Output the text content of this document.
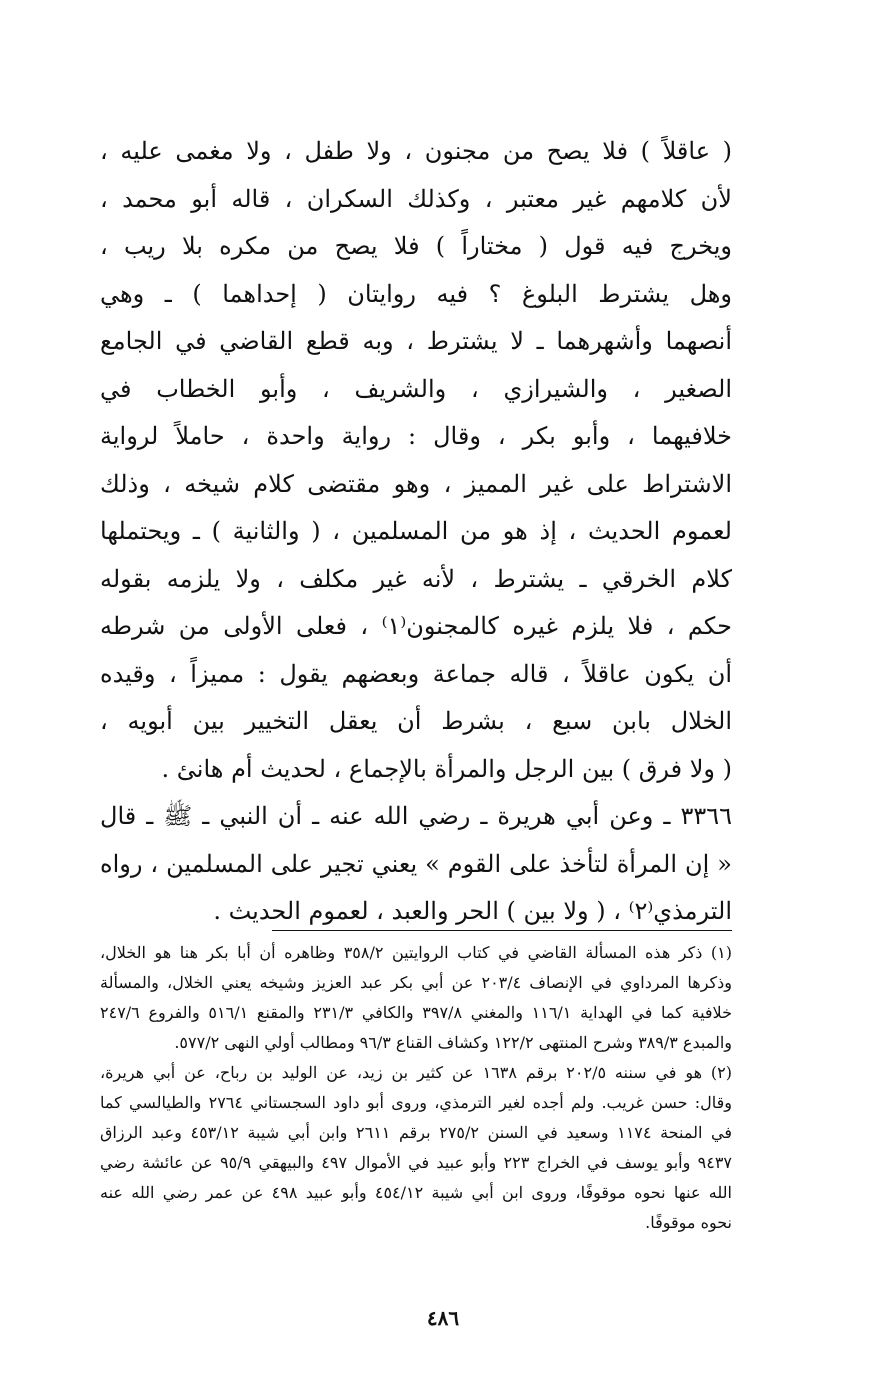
( عاقلاً ) فلا يصح من مجنون ، ولا طفل ، ولا مغمى عليه ،
لأن كلامهم غير معتبر ، وكذلك السكران ، قاله أبو محمد ،
ويخرج فيه قول ( مختاراً ) فلا يصح من مكره بلا ريب ،
وهل يشترط البلوغ ؟ فيه روايتان ( إحداهما ) ـ وهي
أنصهما وأشهرهما ـ لا يشترط ، وبه قطع القاضي في الجامع
الصغير ، والشيرازي ، والشريف ، وأبو الخطاب في
خلافيهما ، وأبو بكر ، وقال : رواية واحدة ، حاملاً لرواية
الاشتراط على غير المميز ، وهو مقتضى كلام شيخه ، وذلك
لعموم الحديث ، إذ هو من المسلمين ، ( والثانية ) ـ ويحتملها
كلام الخرقي ـ يشترط ، لأنه غير مكلف ، ولا يلزمه بقوله
حكم ، فلا يلزم غيره كالمجنون⁽١⁾ ، فعلى الأولى من شرطه
أن يكون عاقلاً ، قاله جماعة وبعضهم يقول : مميزاً ، وقيده
الخلال بابن سبع ، بشرط أن يعقل التخيير بين أبويه ،
( ولا فرق ) بين الرجل والمرأة بالإجماع ، لحديث أم هانئ .
٣٣٦٦ ـ وعن أبي هريرة ـ رضي الله عنه ـ أن النبي ـ ﷺ ـ قال
« إن المرأة لتأخذ على القوم » يعني تجير على المسلمين ، رواه
الترمذي⁽٢⁾ ، ( ولا بين ) الحر والعبد ، لعموم الحديث .
(١) ذكر هذه المسألة القاضي في كتاب الروايتين ٣٥٨/٢ وظاهره أن أبا بكر هنا هو الخلال،
وذكرها المرداوي في الإنصاف ٢٠٣/٤ عن أبي بكر عبد العزيز وشيخه يعني الخلال، والمسألة
خلافية كما في الهداية ١١٦/١ والمغني ٣٩٧/٨ والكافي ٢٣١/٣ والمقنع ٥١٦/١ والفروع ٢٤٧/٦
والمبدع ٣٨٩/٣ وشرح المنتهى ١٢٢/٢ وكشاف القناع ٩٦/٣ ومطالب أولي النهى ٥٧٧/٢.
(٢) هو في سننه ٢٠٢/٥ برقم ١٦٣٨ عن كثير بن زيد، عن الوليد بن رباح، عن أبي هريرة،
وقال: حسن غريب. ولم أجده لغير الترمذي، وروى أبو داود السجستاني ٢٧٦٤ والطيالسي كما
في المنحة ١١٧٤ وسعيد في السنن ٢٧٥/٢ برقم ٢٦١١ وابن أبي شيبة ٤٥٣/١٢ وعبد الرزاق
٩٤٣٧ وأبو يوسف في الخراج ٢٢٣ وأبو عبيد في الأموال ٤٩٧ والبيهقي ٩٥/٩ عن عائشة رضي
الله عنها نحوه موقوفًا، وروى ابن أبي شيبة ٤٥٤/١٢ وأبو عبيد ٤٩٨ عن عمر رضي الله عنه
نحوه موقوفًا.
٤٨٦
